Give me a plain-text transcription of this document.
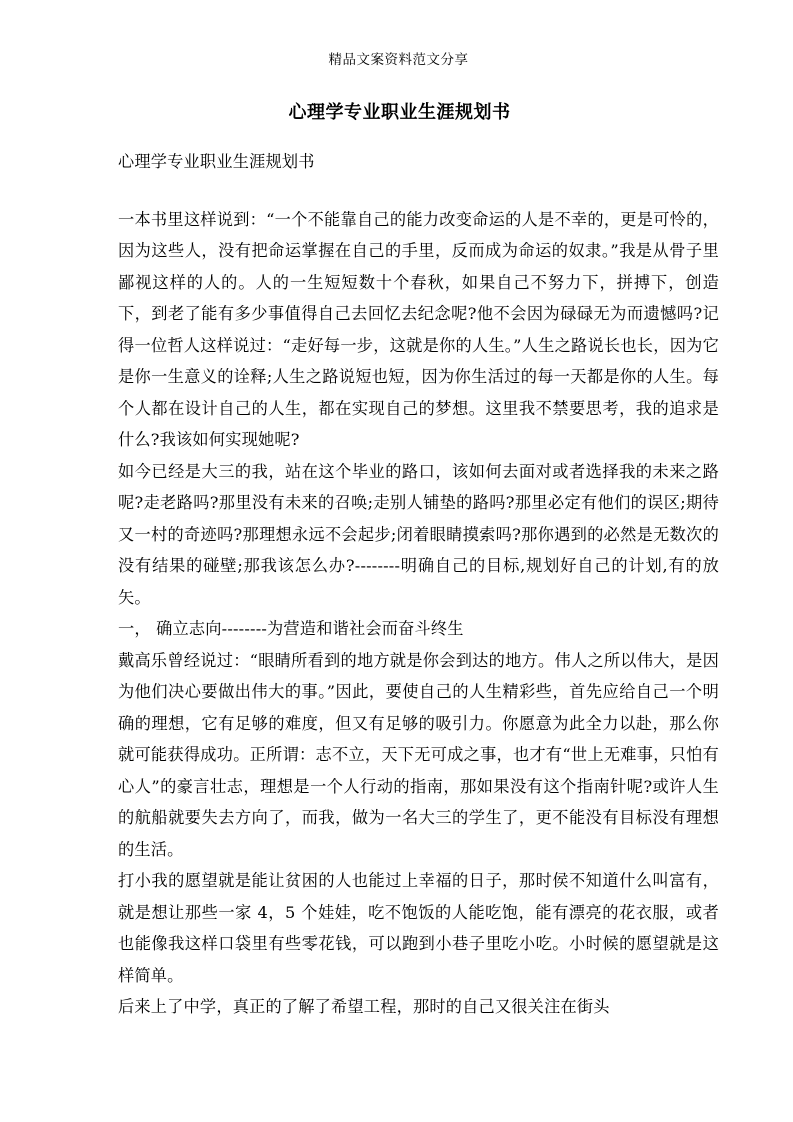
精品文案资料范文分享
心理学专业职业生涯规划书

心理学专业职业生涯规划书

一本书里这样说到：“一个不能靠自己的能力改变命运的人是不幸的，更是可怜的，因为这些人，没有把命运掌握在自己的手里，反而成为命运的奴隶。”我是从骨子里鄙视这样的人的。人的一生短短数十个春秋，如果自己不努力下，拼搏下，创造下，到老了能有多少事值得自己去回忆去纪念呢?他不会因为碌碌无为而遗憾吗?记得一位哲人这样说过：“走好每一步，这就是你的人生。”人生之路说长也长，因为它是你一生意义的诠释;人生之路说短也短，因为你生活过的每一天都是你的人生。每个人都在设计自己的人生，都在实现自己的梦想。这里我不禁要思考，我的追求是什么?我该如何实现她呢?

如今已经是大三的我，站在这个毕业的路口，该如何去面对或者选择我的未来之路呢?走老路吗?那里没有未来的召唤;走别人铺垫的路吗?那里必定有他们的误区;期待又一村的奇迹吗?那理想永远不会起步;闭着眼睛摸索吗?那你遇到的必然是无数次的没有结果的碰壁;那我该怎么办?--------明确自己的目标,规划好自己的计划,有的放矢。

一， 确立志向--------为营造和谐社会而奋斗终生

戴高乐曾经说过：“眼睛所看到的地方就是你会到达的地方。伟人之所以伟大，是因为他们决心要做出伟大的事。”因此，要使自己的人生精彩些，首先应给自己一个明确的理想，它有足够的难度，但又有足够的吸引力。你愿意为此全力以赴，那么你就可能获得成功。正所谓：志不立，天下无可成之事，也才有“世上无难事，只怕有心人”的豪言壮志，理想是一个人行动的指南，那如果没有这个指南针呢?或许人生的航船就要失去方向了，而我，做为一名大三的学生了，更不能没有目标没有理想的生活。

打小我的愿望就是能让贫困的人也能过上幸福的日子，那时侯不知道什么叫富有，就是想让那些一家 4，5 个娃娃，吃不饱饭的人能吃饱，能有漂亮的花衣服，或者也能像我这样口袋里有些零花钱，可以跑到小巷子里吃小吃。小时候的愿望就是这样简单。

后来上了中学，真正的了解了希望工程，那时的自己又很关注在街头
